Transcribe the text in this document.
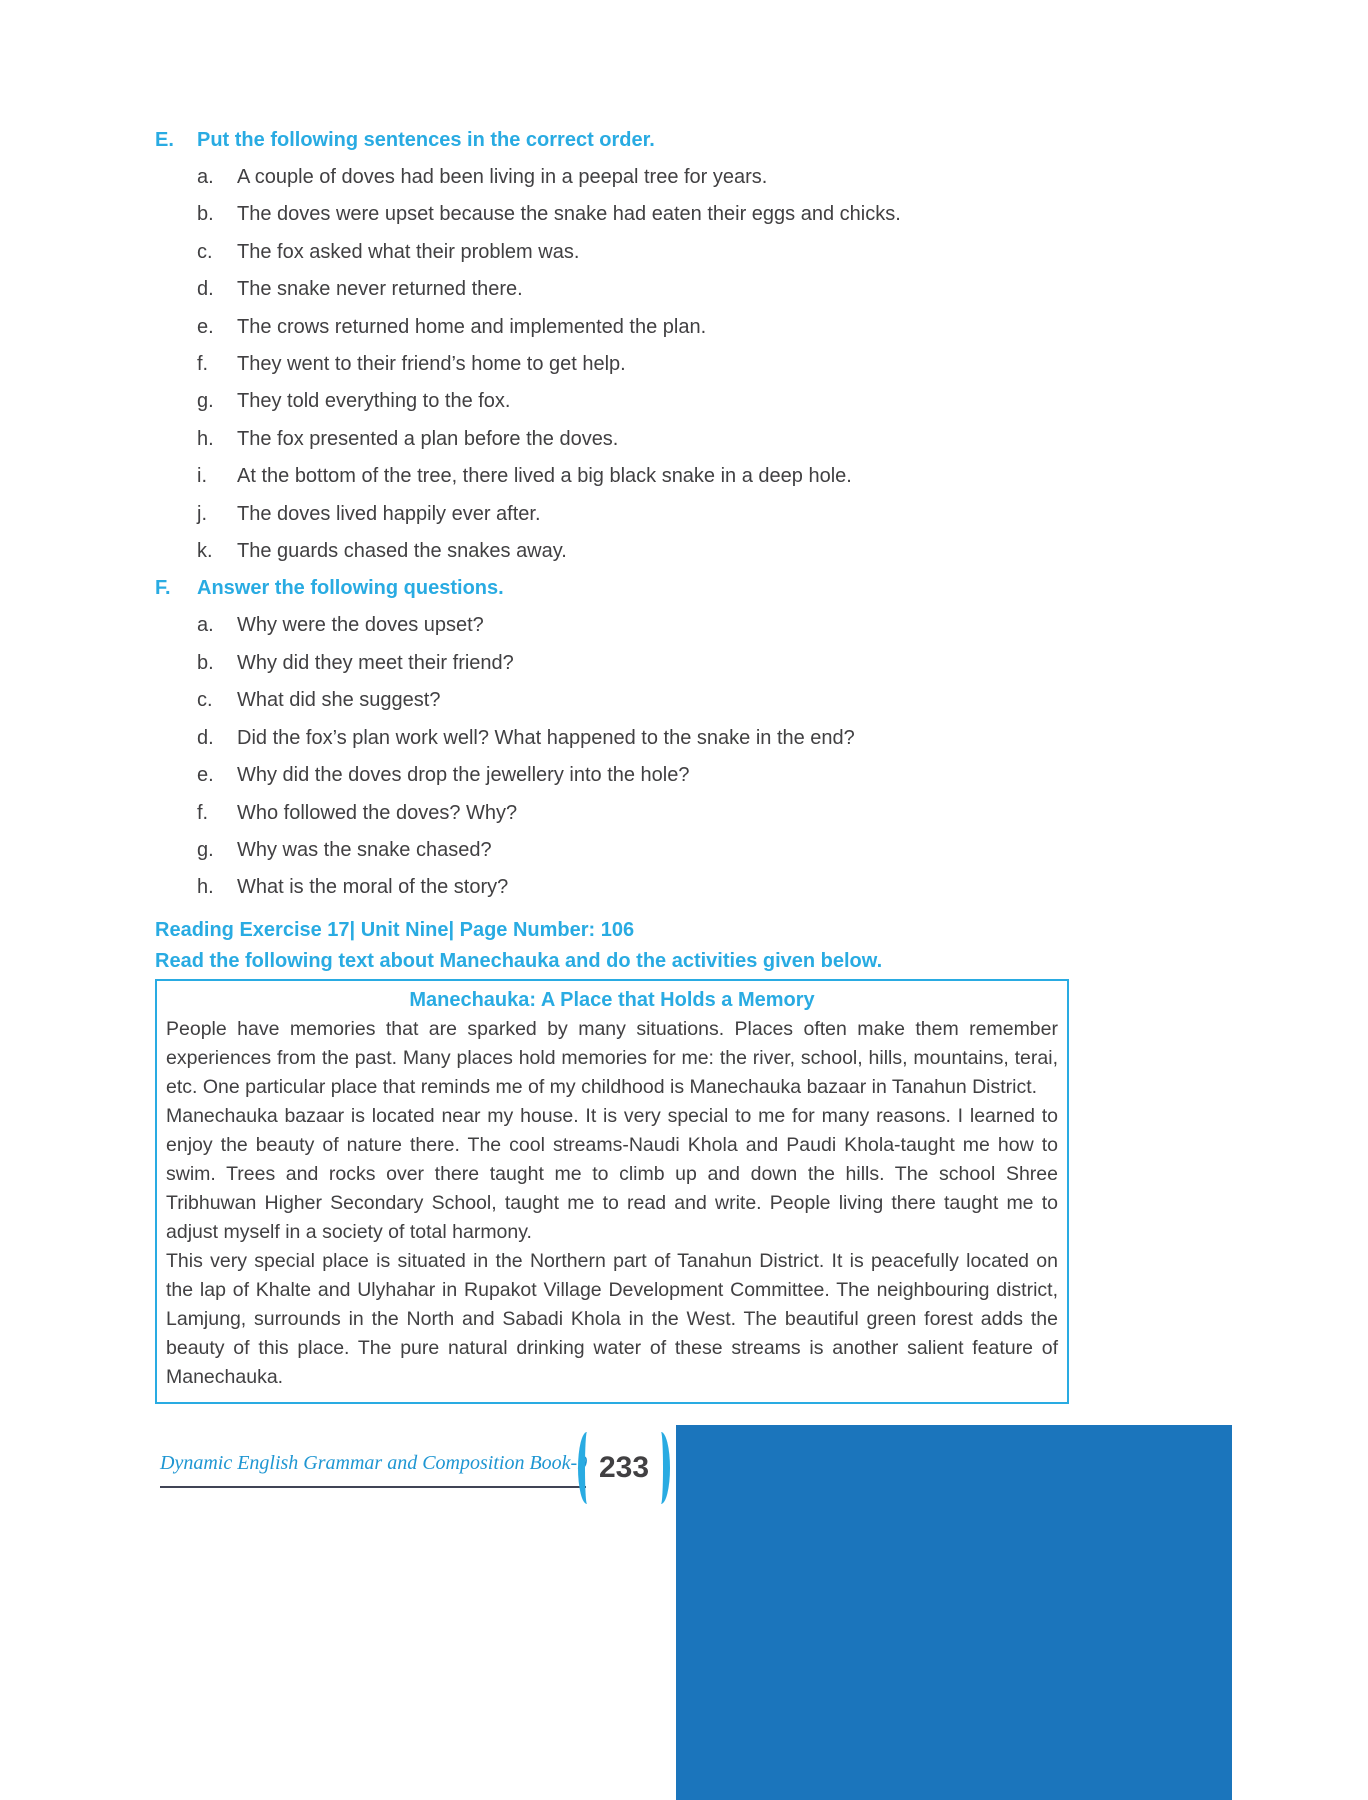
E. Put the following sentences in the correct order.
a. A couple of doves had been living in a peepal tree for years.
b. The doves were upset because the snake had eaten their eggs and chicks.
c. The fox asked what their problem was.
d. The snake never returned there.
e. The crows returned home and implemented the plan.
f. They went to their friend’s home to get help.
g. They told everything to the fox.
h. The fox presented a plan before the doves.
i. At the bottom of the tree, there lived a big black snake in a deep hole.
j. The doves lived happily ever after.
k. The guards chased the snakes away.
F. Answer the following questions.
a. Why were the doves upset?
b. Why did they meet their friend?
c. What did she suggest?
d. Did the fox’s plan work well? What happened to the snake in the end?
e. Why did the doves drop the jewellery into the hole?
f. Who followed the doves? Why?
g. Why was the snake chased?
h. What is the moral of the story?
Reading Exercise 17| Unit Nine| Page Number: 106
Read the following text about Manechauka and do the activities given below.
Manechauka: A Place that Holds a Memory

People have memories that are sparked by many situations. Places often make them remember experiences from the past. Many places hold memories for me: the river, school, hills, mountains, terai, etc. One particular place that reminds me of my childhood is Manechauka bazaar in Tanahun District.

Manechauka bazaar is located near my house. It is very special to me for many reasons. I learned to enjoy the beauty of nature there. The cool streams-Naudi Khola and Paudi Khola-taught me how to swim. Trees and rocks over there taught me to climb up and down the hills. The school Shree Tribhuwan Higher Secondary School, taught me to read and write. People living there taught me to adjust myself in a society of total harmony.

This very special place is situated in the Northern part of Tanahun District. It is peacefully located on the lap of Khalte and Ulyhahar in Rupakot Village Development Committee. The neighbouring district, Lamjung, surrounds in the North and Sabadi Khola in the West. The beautiful green forest adds the beauty of this place. The pure natural drinking water of these streams is another salient feature of Manechauka.

Dynamic English Grammar and Composition Book-9 233
